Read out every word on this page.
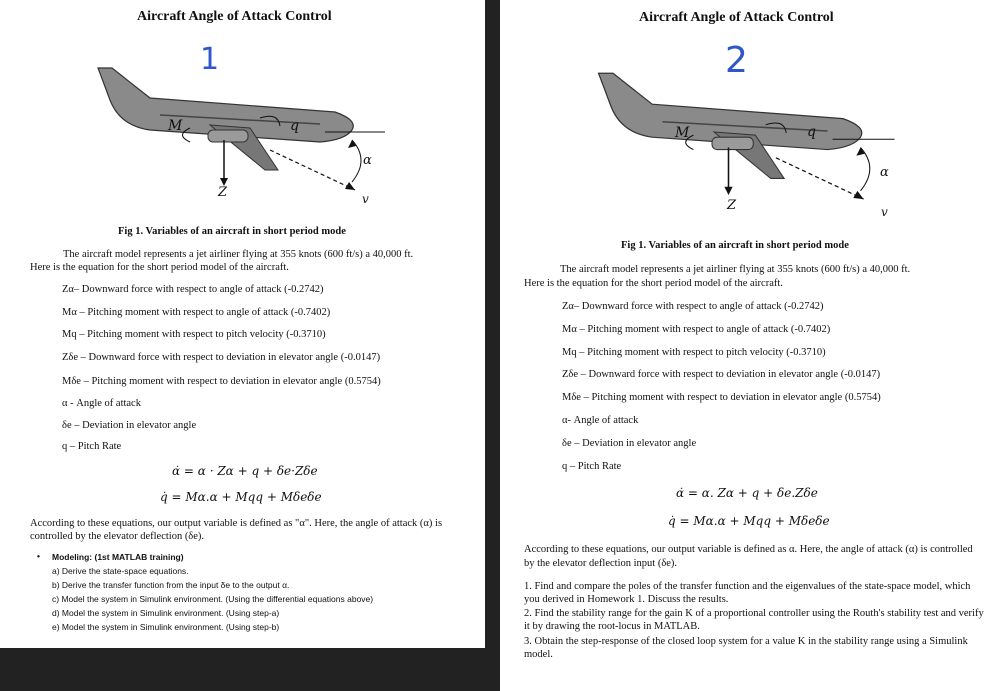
Aircraft Angle of Attack Control
1
M	q
α
Z	v
Fig 1. Variables of an aircraft in short period mode
The aircraft model represents a jet airliner flying at 355 knots (600 ft/s) a 40,000 ft.
Here is the equation for the short period model of the aircraft.
Zα– Downward force with respect to angle of attack (-0.2742)
Mα – Pitching moment with respect to angle of attack (-0.7402)
Mq – Pitching moment with respect to pitch velocity (-0.3710)
Zδe – Downward force with respect to deviation in elevator angle (-0.0147)
Mδe – Pitching moment with respect to deviation in elevator angle (0.5754)
α - Angle of attack
δe – Deviation in elevator angle
q – Pitch Rate
α̇ = α · Zα + q + δe·Zδe
q̇ = Mα.α + Mqq + Mδeδe
According to these equations, our output variable is defined as "α". Here, the angle of attack (α) is controlled by the elevator deflection (δe).
• Modeling: (1st MATLAB training)
a) Derive the state-space equations.
b) Derive the transfer function from the input δe to the output α.
c) Model the system in Simulink environment. (Using the differential equations above)
d) Model the system in Simulink environment. (Using step-a)
e) Model the system in Simulink environment. (Using step-b)
Aircraft Angle of Attack Control
2
M	q
α
Z	v
Fig 1. Variables of an aircraft in short period mode
The aircraft model represents a jet airliner flying at 355 knots (600 ft/s) a 40,000 ft.
Here is the equation for the short period model of the aircraft.
Zα– Downward force with respect to angle of attack (-0.2742)
Mα – Pitching moment with respect to angle of attack (-0.7402)
Mq – Pitching moment with respect to pitch velocity (-0.3710)
Zδe – Downward force with respect to deviation in elevator angle (-0.0147)
Mδe – Pitching moment with respect to deviation in elevator angle (0.5754)
α- Angle of attack
δe – Deviation in elevator angle
q – Pitch Rate
α̇ = α. Zα + q + δe.Zδe
q̇ = Mα.α + Mqq + Mδeδe
According to these equations, our output variable is defined as α. Here, the angle of attack (α) is controlled by the elevator deflection input (δe).
1. Find and compare the poles of the transfer function and the eigenvalues of the state-space model, which you derived in Homework 1. Discuss the results.
2. Find the stability range for the gain K of a proportional controller using the Routh's stability test and verify it by drawing the root-locus in MATLAB.
3. Obtain the step-response of the closed loop system for a value K in the stability range using a Simulink model.
